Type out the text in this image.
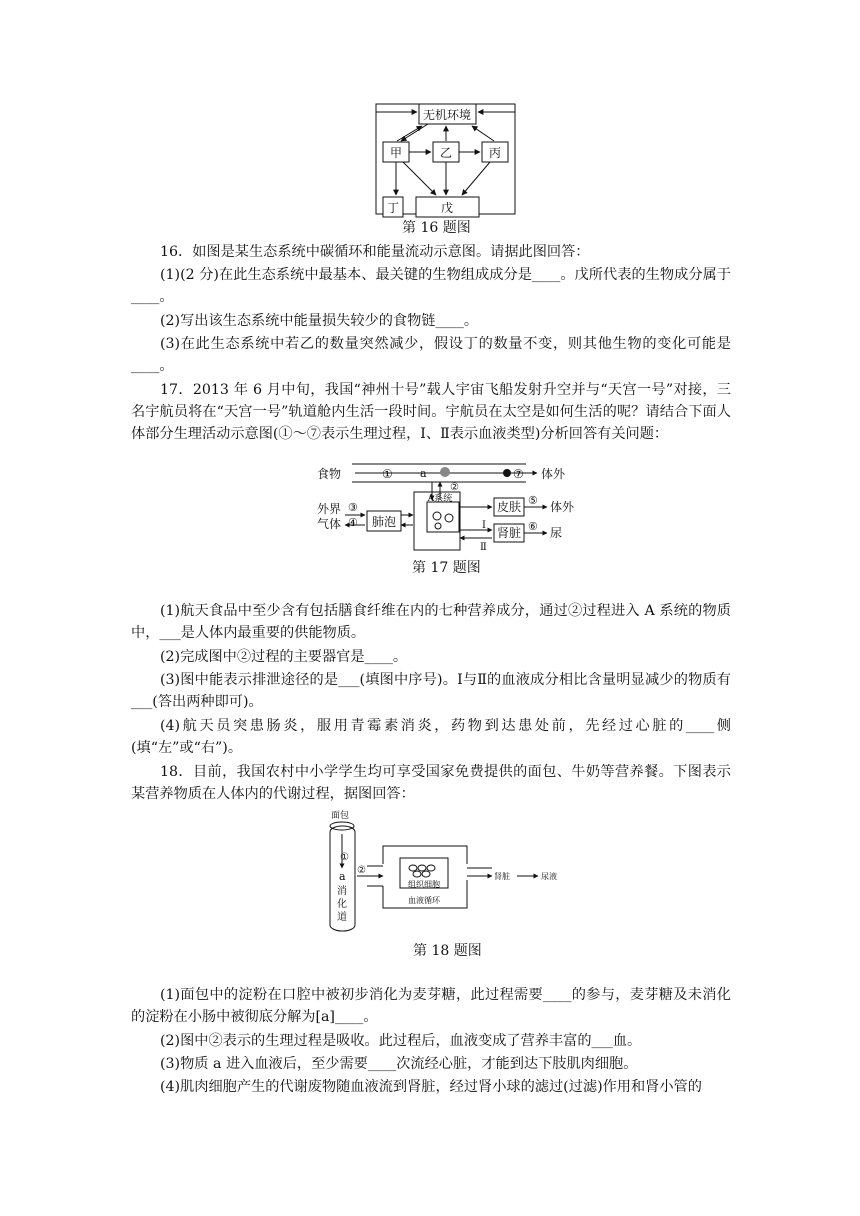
无机环境
甲	乙	丙
丁	戊
第 16 题图
16．如图是某生态系统中碳循环和能量流动示意图。请据此图回答：
(1)(2 分)在此生态系统中最基本、最关键的生物组成成分是____。戊所代表的生物成分属于____。
(2)写出该生态系统中能量损失较少的食物链____。
(3)在此生态系统中若乙的数量突然减少，假设丁的数量不变，则其他生物的变化可能是____。
17．2013 年 6 月中旬，我国“神州十号”载人宇宙飞船发射升空并与“天宫一号”对接，三名宇航员将在“天宫一号”轨道舱内生活一段时间。宇航员在太空是如何生活的呢？请结合下面人体部分生理活动示意图(①～⑦表示生理过程，Ⅰ、Ⅱ表示血液类型)分析回答有关问题：
食物	① a	⑦ 体外
A系统
②
外界
气体
③
④ 肺泡
皮肤
肾脏
Ⅰ
Ⅱ
⑤
⑥
体外
尿
第 17 题图
(1)航天食品中至少含有包括膳食纤维在内的七种营养成分，通过②过程进入 A 系统的物质中，___是人体内最重要的供能物质。
(2)完成图中②过程的主要器官是____。
(3)图中能表示排泄途径的是___(填图中序号)。Ⅰ与Ⅱ的血液成分相比含量明显减少的物质有___(答出两种即可)。
(4)航天员突患肠炎，服用青霉素消炎，药物到达患处前，先经过心脏的____侧(填“左”或“右”)。
18．目前，我国农村中小学学生均可享受国家免费提供的面包、牛奶等营养餐。下图表示某营养物质在人体内的代谢过程，据图回答：
面包
①
a
消
化
道
②
组织细胞
血液循环
肾脏	尿液
第 18 题图
(1)面包中的淀粉在口腔中被初步消化为麦芽糖，此过程需要____的参与，麦芽糖及未消化的淀粉在小肠中被彻底分解为[a]____。
(2)图中②表示的生理过程是吸收。此过程后，血液变成了营养丰富的___血。
(3)物质 a 进入血液后，至少需要____次流经心脏，才能到达下肢肌肉细胞。
(4)肌肉细胞产生的代谢废物随血液流到肾脏，经过肾小球的滤过(过滤)作用和肾小管的
